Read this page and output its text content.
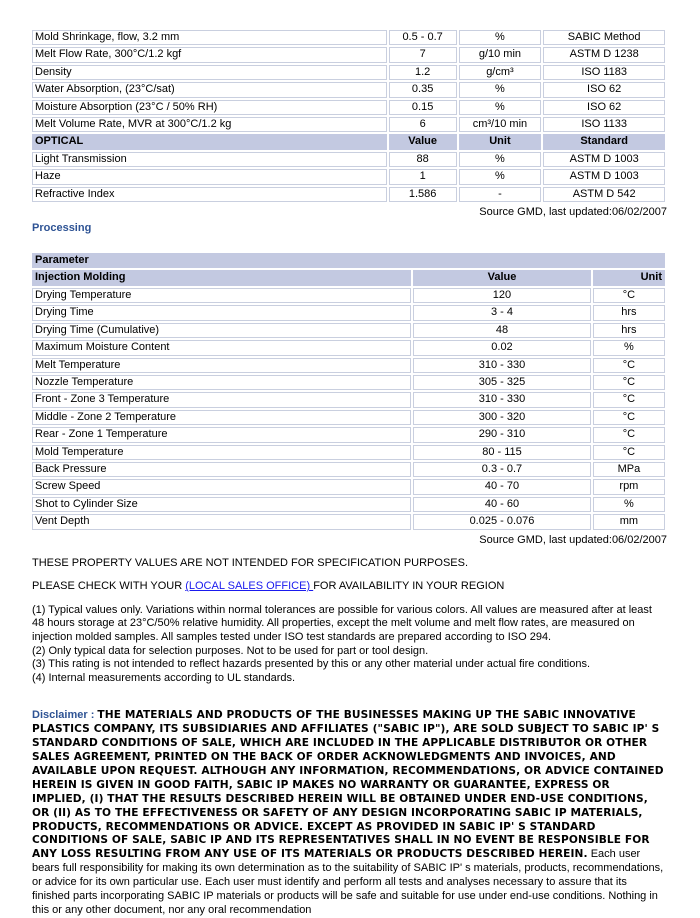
Mold Shrinkage, flow, 3.2 mm	0.5 - 0.7	%	SABIC Method
Melt Flow Rate, 300°C/1.2 kgf	7	g/10 min	ASTM D 1238
Density	1.2	g/cm³	ISO 1183
Water Absorption, (23°C/sat)	0.35	%	ISO 62
Moisture Absorption (23°C / 50% RH)	0.15	%	ISO 62
Melt Volume Rate, MVR at 300°C/1.2 kg	6	cm³/10 min	ISO 1133
OPTICAL	Value	Unit	Standard
Light Transmission	88	%	ASTM D 1003
Haze	1	%	ASTM D 1003
Refractive Index	1.586	-	ASTM D 542
Source GMD, last updated:06/02/2007
Processing
Parameter		
Injection Molding	Value	Unit
Drying Temperature	120	°C
Drying Time	3 - 4	hrs
Drying Time (Cumulative)	48	hrs
Maximum Moisture Content	0.02	%
Melt Temperature	310 - 330	°C
Nozzle Temperature	305 - 325	°C
Front - Zone 3 Temperature	310 - 330	°C
Middle - Zone 2 Temperature	300 - 320	°C
Rear - Zone 1 Temperature	290 - 310	°C
Mold Temperature	80 - 115	°C
Back Pressure	0.3 - 0.7	MPa
Screw Speed	40 - 70	rpm
Shot to Cylinder Size	40 - 60	%
Vent Depth	0.025 - 0.076	mm
Source GMD, last updated:06/02/2007
THESE PROPERTY VALUES ARE NOT INTENDED FOR SPECIFICATION PURPOSES.
PLEASE CHECK WITH YOUR (LOCAL SALES OFFICE) FOR AVAILABILITY IN YOUR REGION
(1) Typical values only. Variations within normal tolerances are possible for various colors. All values are measured after at least 48 hours storage at 23°C/50% relative humidity. All properties, except the melt volume and melt flow rates, are measured on injection molded samples. All samples tested under ISO test standards are prepared according to ISO 294.
(2) Only typical data for selection purposes. Not to be used for part or tool design.
(3) This rating is not intended to reflect hazards presented by this or any other material under actual fire conditions.
(4) Internal measurements according to UL standards.
Disclaimer : THE MATERIALS AND PRODUCTS OF THE BUSINESSES MAKING UP THE SABIC INNOVATIVE PLASTICS COMPANY, ITS SUBSIDIARIES AND AFFILIATES ("SABIC IP"), ARE SOLD SUBJECT TO SABIC IP' S STANDARD CONDITIONS OF SALE, WHICH ARE INCLUDED IN THE APPLICABLE DISTRIBUTOR OR OTHER SALES AGREEMENT, PRINTED ON THE BACK OF ORDER ACKNOWLEDGMENTS AND INVOICES, AND AVAILABLE UPON REQUEST. ALTHOUGH ANY INFORMATION, RECOMMENDATIONS, OR ADVICE CONTAINED HEREIN IS GIVEN IN GOOD FAITH, SABIC IP MAKES NO WARRANTY OR GUARANTEE, EXPRESS OR IMPLIED, (I) THAT THE RESULTS DESCRIBED HEREIN WILL BE OBTAINED UNDER END-USE CONDITIONS, OR (II) AS TO THE EFFECTIVENESS OR SAFETY OF ANY DESIGN INCORPORATING SABIC IP MATERIALS, PRODUCTS, RECOMMENDATIONS OR ADVICE. EXCEPT AS PROVIDED IN SABIC IP' S STANDARD CONDITIONS OF SALE, SABIC IP AND ITS REPRESENTATIVES SHALL IN NO EVENT BE RESPONSIBLE FOR ANY LOSS RESULTING FROM ANY USE OF ITS MATERIALS OR PRODUCTS DESCRIBED HEREIN. Each user bears full responsibility for making its own determination as to the suitability of SABIC IP' s materials, products, recommendations, or advice for its own particular use. Each user must identify and perform all tests and analyses necessary to assure that its finished parts incorporating SABIC IP materials or products will be safe and suitable for use under end-use conditions. Nothing in this or any other document, nor any oral recommendation
